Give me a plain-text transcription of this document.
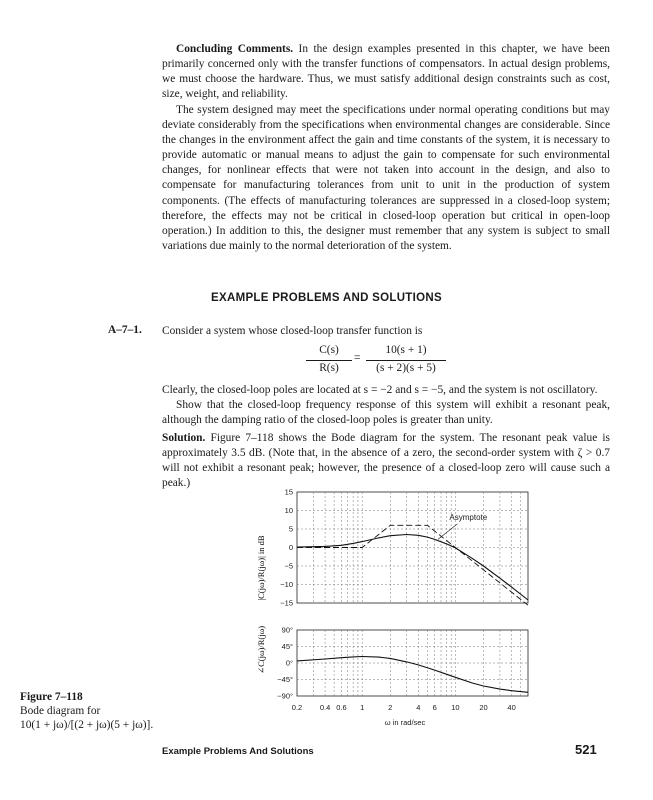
Concluding Comments. In the design examples presented in this chapter, we have been primarily concerned only with the transfer functions of compensators. In actual design problems, we must choose the hardware. Thus, we must satisfy additional design constraints such as cost, size, weight, and reliability.

The system designed may meet the specifications under normal operating conditions but may deviate considerably from the specifications when environmental changes are considerable. Since the changes in the environment affect the gain and time constants of the system, it is necessary to provide automatic or manual means to adjust the gain to compensate for such environmental changes, for nonlinear effects that were not taken into account in the design, and also to compensate for manufacturing tolerances from unit to unit in the production of system components. (The effects of manufacturing tolerances are suppressed in a closed-loop system; therefore, the effects may not be critical in closed-loop operation but critical in open-loop operation.) In addition to this, the designer must remember that any system is subject to small variations due mainly to the normal deterioration of the system.

EXAMPLE PROBLEMS AND SOLUTIONS
A–7–1. Consider a system whose closed-loop transfer function is

C(s)
R(s)
=
10(s + 1)
(s + 2)(s + 5)

Clearly, the closed-loop poles are located at s = −2 and s = −5, and the system is not oscillatory.

Show that the closed-loop frequency response of this system will exhibit a resonant peak, although the damping ratio of the closed-loop poles is greater than unity.

Solution. Figure 7–118 shows the Bode diagram for the system. The resonant peak value is approximately 3.5 dB. (Note that, in the absence of a zero, the second-order system with ζ > 0.7 will not exhibit a resonant peak; however, the presence of a closed-loop zero will cause such a peak.)

15
10
5
0
−5
−10
−15
Asymptote
90°
45°
0°
−45°
−90°
0.2 0.4 0.6 1	2	4 6 10	20	40
ω in rad/sec
|C(jω)/R(jω)| in dB
∠C(jω)/R(jω)
Figure 7–118
Bode diagram for
10(1 + jω)/[(2 + jω)(5 + jω)].
Example Problems And Solutions	521
